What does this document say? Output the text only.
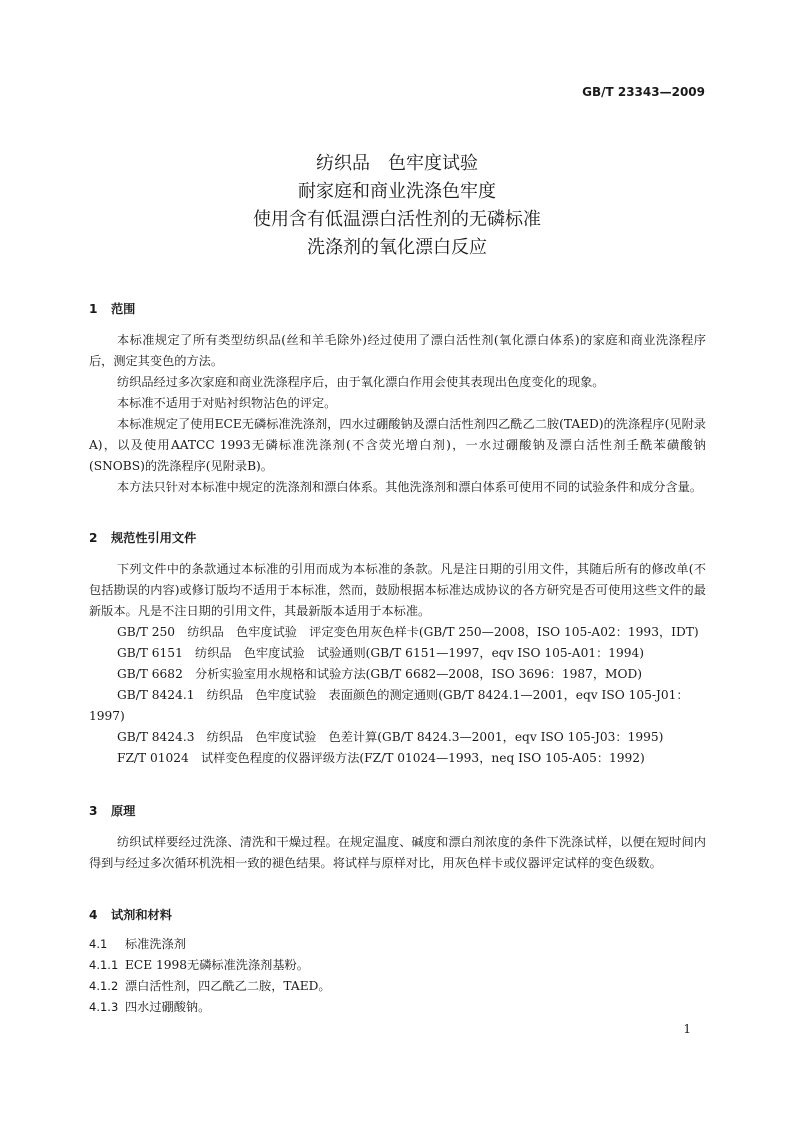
GB/T 23343—2009
纺织品　色牢度试验
耐家庭和商业洗涤色牢度
使用含有低温漂白活性剂的无磷标准
洗涤剂的氧化漂白反应
1	范围

本标准规定了所有类型纺织品(丝和羊毛除外)经过使用了漂白活性剂(氧化漂白体系)的家庭和商业洗涤程序后，测定其变色的方法。

纺织品经过多次家庭和商业洗涤程序后，由于氧化漂白作用会使其表现出色度变化的现象。

本标准不适用于对贴衬织物沾色的评定。

本标准规定了使用ECE无磷标准洗涤剂，四水过硼酸钠及漂白活性剂四乙酰乙二胺(TAED)的洗涤程序(见附录A)，以及使用AATCC 1993无磷标准洗涤剂(不含荧光增白剂)，一水过硼酸钠及漂白活性剂壬酰苯磺酸钠(SNOBS)的洗涤程序(见附录B)。

本方法只针对本标准中规定的洗涤剂和漂白体系。其他洗涤剂和漂白体系可使用不同的试验条件和成分含量。

2	规范性引用文件

下列文件中的条款通过本标准的引用而成为本标准的条款。凡是注日期的引用文件，其随后所有的修改单(不包括勘误的内容)或修订版均不适用于本标准，然而，鼓励根据本标准达成协议的各方研究是否可使用这些文件的最新版本。凡是不注日期的引用文件，其最新版本适用于本标准。

GB/T 250　纺织品　色牢度试验　评定变色用灰色样卡(GB/T 250—2008，ISO 105-A02：1993，IDT)

GB/T 6151　纺织品　色牢度试验　试验通则(GB/T 6151—1997，eqv ISO 105-A01：1994)

GB/T 6682　分析实验室用水规格和试验方法(GB/T 6682—2008，ISO 3696：1987，MOD)

GB/T 8424.1　纺织品　色牢度试验　表面颜色的测定通则(GB/T 8424.1—2001，eqv ISO 105-J01：1997)

GB/T 8424.3　纺织品　色牢度试验　色差计算(GB/T 8424.3—2001，eqv ISO 105-J03：1995)

FZ/T 01024　试样变色程度的仪器评级方法(FZ/T 01024—1993，neq ISO 105-A05：1992)

3	原理

纺织试样要经过洗涤、清洗和干燥过程。在规定温度、碱度和漂白剂浓度的条件下洗涤试样，以便在短时间内得到与经过多次循环机洗相一致的褪色结果。将试样与原样对比，用灰色样卡或仪器评定试样的变色级数。

4	试剂和材料
4.1	标准洗涤剂
4.1.1 ECE 1998无磷标准洗涤剂基粉。
4.1.2 漂白活性剂，四乙酰乙二胺，TAED。
4.1.3 四水过硼酸钠。
1
